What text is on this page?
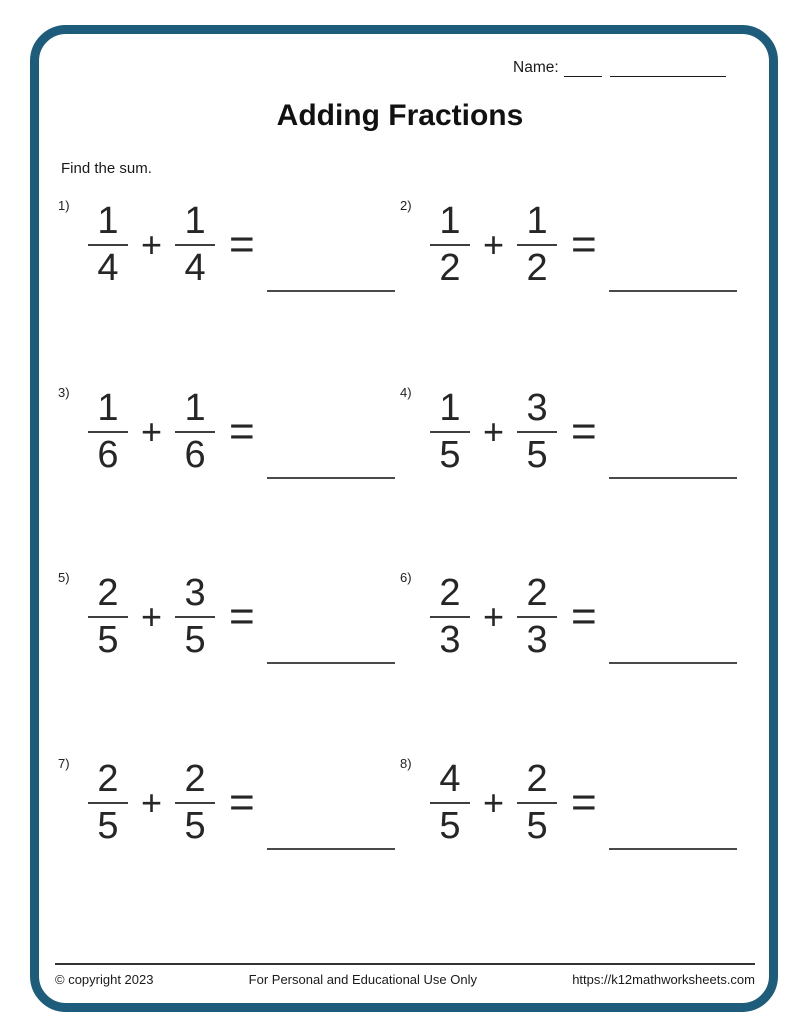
Name:
Adding Fractions
Find the sum.
$1) \frac{1}{4} + \frac{1}{4}$ =
$2) \frac{1}{2} + \frac{1}{2}$ =
$3) \frac{1}{6} + \frac{1}{6}$ =
$4) \frac{1}{5} + \frac{3}{5}$ =
$5) \frac{2}{5} + \frac{3}{5}$ =
$6) \frac{2}{3} + \frac{2}{3}$ =
$7) \frac{2}{5} + \frac{2}{5}$ =
$8) \frac{4}{5} + \frac{2}{5}$ =
© copyright 2023	For Personal and Educational Use Only	https://k12mathworksheets.com
